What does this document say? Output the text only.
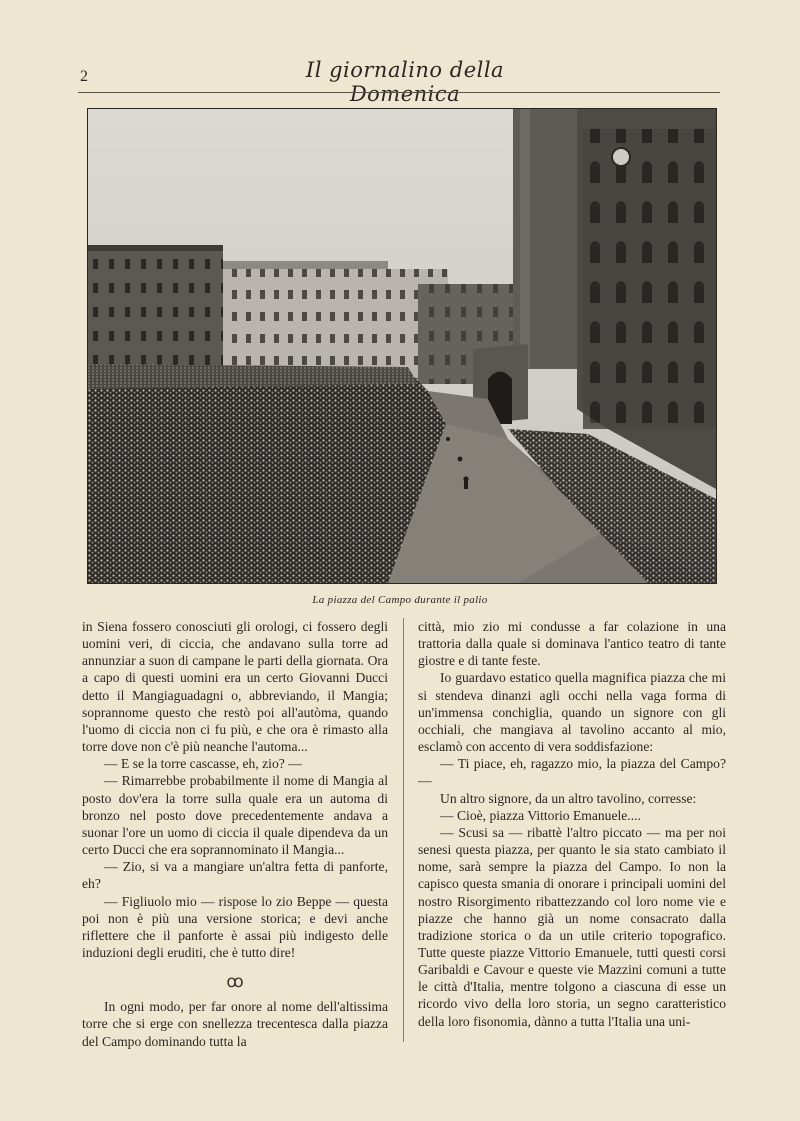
2	Il giornalino della Domenica
La piazza del Campo durante il palio

in Siena fossero conosciuti gli orologi, ci fossero degli uomini veri, di ciccia, che andavano sulla torre ad annunziar a suon di campane le parti della giornata. Ora a capo di questi uomini era un certo Giovanni Ducci detto il Mangiaguadagni o, abbreviando, il Mangia; soprannome questo che restò poi all'autòma, quando l'uomo di ciccia non ci fu più, e che ora è rimasto alla torre dove non c'è più neanche l'automa...

— E se la torre cascasse, eh, zio? —

— Rimarrebbe probabilmente il nome di Mangia al posto dov'era la torre sulla quale era un automa di bronzo nel posto dove precedentemente andava a suonar l'ore un uomo di ciccia il quale dipendeva da un certo Ducci che era soprannominato il Mangia...

— Zio, si va a mangiare un'altra fetta di panforte, eh?

— Figliuolo mio — rispose lo zio Beppe — questa poi non è più una versione storica; e devi anche riflettere che il panforte è assai più indigesto delle induzioni degli eruditi, che è tutto dire!

ꝏ

In ogni modo, per far onore al nome dell'altissima torre che si erge con snellezza trecentesca dalla piazza del Campo dominando tutta la

città, mio zio mi condusse a far colazione in una trattoria dalla quale si dominava l'antico teatro di tante giostre e di tante feste.

Io guardavo estatico quella magnifica piazza che mi si stendeva dinanzi agli occhi nella vaga forma di un'immensa conchiglia, quando un signore con gli occhiali, che mangiava al tavolino accanto al mio, esclamò con accento di vera soddisfazione:

— Ti piace, eh, ragazzo mio, la piazza del Campo? —

Un altro signore, da un altro tavolino, corresse:

— Cioè, piazza Vittorio Emanuele....

— Scusi sa — ribattè l'altro piccato — ma per noi senesi questa piazza, per quanto le sia stato cambiato il nome, sarà sempre la piazza del Campo. Io non la capisco questa smania di onorare i principali uomini del nostro Risorgimento ribattezzando col loro nome vie e piazze che hanno già un nome consacrato dalla tradizione storica o da un utile criterio topografico. Tutte queste piazze Vittorio Emanuele, tutti questi corsi Garibaldi e Cavour e queste vie Mazzini comuni a tutte le città d'Italia, mentre tolgono a ciascuna di esse un ricordo vivo della loro storia, un segno caratteristico della loro fisonomia, dànno a tutta l'Italia una uni-
